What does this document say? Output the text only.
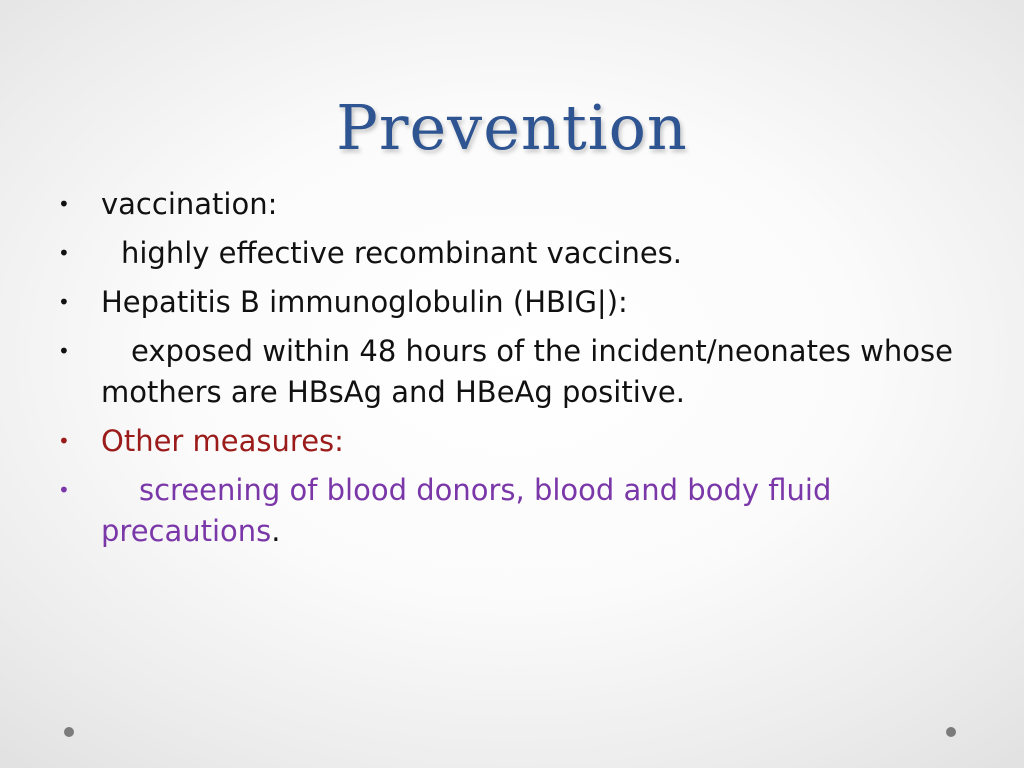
Prevention
• vaccination:
• highly effective recombinant vaccines.
• Hepatitis B immunoglobulin (HBIG|):
• exposed within 48 hours of the incident/neonates whose mothers are HBsAg and HBeAg positive.
• Other measures:
• screening of blood donors, blood and body fluid precautions.
